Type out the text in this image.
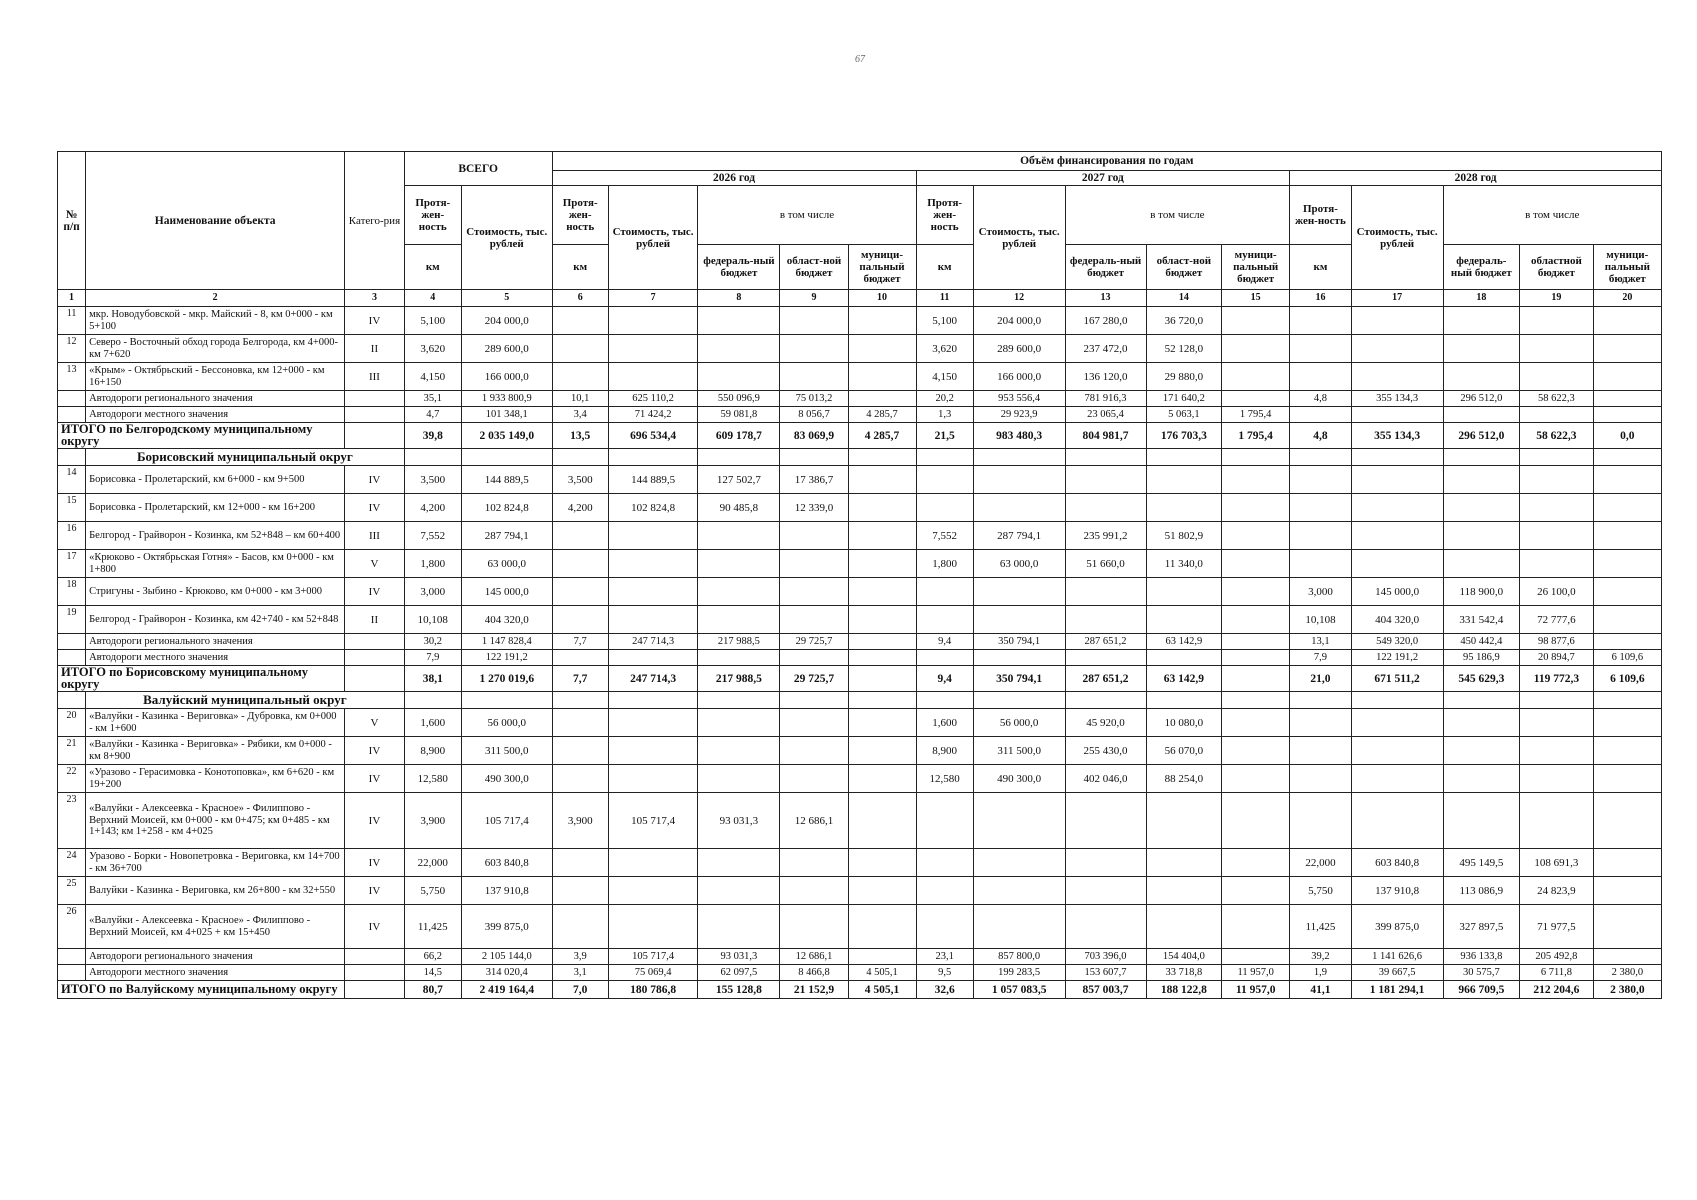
67
№ п/п	Наименование объекта	Катего-рия	ВСЕГО		Объём финансирования по годам														
					2026 год					2027 год					2028 год				
			Протя-жен-ность	Стоимость, тыс. рублей	Протя-жен-ность	Стоимость, тыс. рублей	в том числе			Протя-жен-ность	Стоимость, тыс. рублей	в том числе			Протя-жен-ность	Стоимость, тыс. рублей	в том числе		
			км		км		федераль-ный бюджет	област-ной бюджет	муници-пальный бюджет	км		федераль-ный бюджет	област-ной бюджет	муници-пальный бюджет	км		федераль-ный бюджет	областной бюджет	муници-пальный бюджет
1	2	3	4	5	6	7	8	9	10	11	12	13	14	15	16	17	18	19	20
11	мкр. Новодубовской - мкр. Майский - 8, км 0+000 - км 5+100	IV	5,100	204 000,0						5,100	204 000,0	167 280,0	36 720,0						
12	Северо - Восточный обход города Белгорода, км 4+000- км 7+620	II	3,620	289 600,0						3,620	289 600,0	237 472,0	52 128,0						
13	«Крым» - Октябрьский - Бессоновка, км 12+000 - км 16+150	III	4,150	166 000,0						4,150	166 000,0	136 120,0	29 880,0						
	Автодороги регионального значения		35,1	1 933 800,9	10,1	625 110,2	550 096,9	75 013,2		20,2	953 556,4	781 916,3	171 640,2		4,8	355 134,3	296 512,0	58 622,3	
	Автодороги местного значения		4,7	101 348,1	3,4	71 424,2	59 081,8	8 056,7	4 285,7	1,3	29 923,9	23 065,4	5 063,1	1 795,4					
ИТОГО по Белгородскому муниципальному округу			39,8	2 035 149,0	13,5	696 534,4	609 178,7	83 069,9	4 285,7	21,5	983 480,3	804 981,7	176 703,3	1 795,4	4,8	355 134,3	296 512,0	58 622,3	0,0
	Борисовский муниципальный округ																		
14	Борисовка - Пролетарский, км 6+000 - км 9+500	IV	3,500	144 889,5	3,500	144 889,5	127 502,7	17 386,7											
15	Борисовка - Пролетарский, км 12+000 - км 16+200	IV	4,200	102 824,8	4,200	102 824,8	90 485,8	12 339,0											
16	Белгород - Грайворон - Козинка, км 52+848 – км 60+400	III	7,552	287 794,1						7,552	287 794,1	235 991,2	51 802,9						
17	«Крюково - Октябрьская Готня» - Басов, км 0+000 - км 1+800	V	1,800	63 000,0						1,800	63 000,0	51 660,0	11 340,0						
18	Стригуны - Зыбино - Крюково, км 0+000 - км 3+000	IV	3,000	145 000,0											3,000	145 000,0	118 900,0	26 100,0	
19	Белгород - Грайворон - Козинка, км 42+740 - км 52+848	II	10,108	404 320,0											10,108	404 320,0	331 542,4	72 777,6	
	Автодороги регионального значения		30,2	1 147 828,4	7,7	247 714,3	217 988,5	29 725,7		9,4	350 794,1	287 651,2	63 142,9		13,1	549 320,0	450 442,4	98 877,6	
	Автодороги местного значения		7,9	122 191,2											7,9	122 191,2	95 186,9	20 894,7	6 109,6
ИТОГО по Борисовскому муниципальному округу			38,1	1 270 019,6	7,7	247 714,3	217 988,5	29 725,7		9,4	350 794,1	287 651,2	63 142,9		21,0	671 511,2	545 629,3	119 772,3	6 109,6
	Валуйский муниципальный округ																		
20	«Валуйки - Казинка - Вериговка» - Дубровка, км 0+000 - км 1+600	V	1,600	56 000,0						1,600	56 000,0	45 920,0	10 080,0						
21	«Валуйки - Казинка - Вериговка» - Рябики, км 0+000 - км 8+900	IV	8,900	311 500,0						8,900	311 500,0	255 430,0	56 070,0						
22	«Уразово - Герасимовка - Конотоповка», км 6+620 - км 19+200	IV	12,580	490 300,0						12,580	490 300,0	402 046,0	88 254,0						
23	«Валуйки - Алексеевка - Красное» - Филиппово - Верхний Моисей, км 0+000 - км 0+475; км 0+485 - км 1+143; км 1+258 - км 4+025	IV	3,900	105 717,4	3,900	105 717,4	93 031,3	12 686,1											
24	Уразово - Борки - Новопетровка - Вериговка, км 14+700 - км 36+700	IV	22,000	603 840,8											22,000	603 840,8	495 149,5	108 691,3	
25	Валуйки - Казинка - Вериговка, км 26+800 - км 32+550	IV	5,750	137 910,8											5,750	137 910,8	113 086,9	24 823,9	
26	«Валуйки - Алексеевка - Красное» - Филиппово - Верхний Моисей, км 4+025 + км 15+450	IV	11,425	399 875,0											11,425	399 875,0	327 897,5	71 977,5	
	Автодороги регионального значения		66,2	2 105 144,0	3,9	105 717,4	93 031,3	12 686,1		23,1	857 800,0	703 396,0	154 404,0		39,2	1 141 626,6	936 133,8	205 492,8	
	Автодороги местного значения		14,5	314 020,4	3,1	75 069,4	62 097,5	8 466,8	4 505,1	9,5	199 283,5	153 607,7	33 718,8	11 957,0	1,9	39 667,5	30 575,7	6 711,8	2 380,0
ИТОГО по Валуйскому муниципальному округу			80,7	2 419 164,4	7,0	180 786,8	155 128,8	21 152,9	4 505,1	32,6	1 057 083,5	857 003,7	188 122,8	11 957,0	41,1	1 181 294,1	966 709,5	212 204,6	2 380,0
